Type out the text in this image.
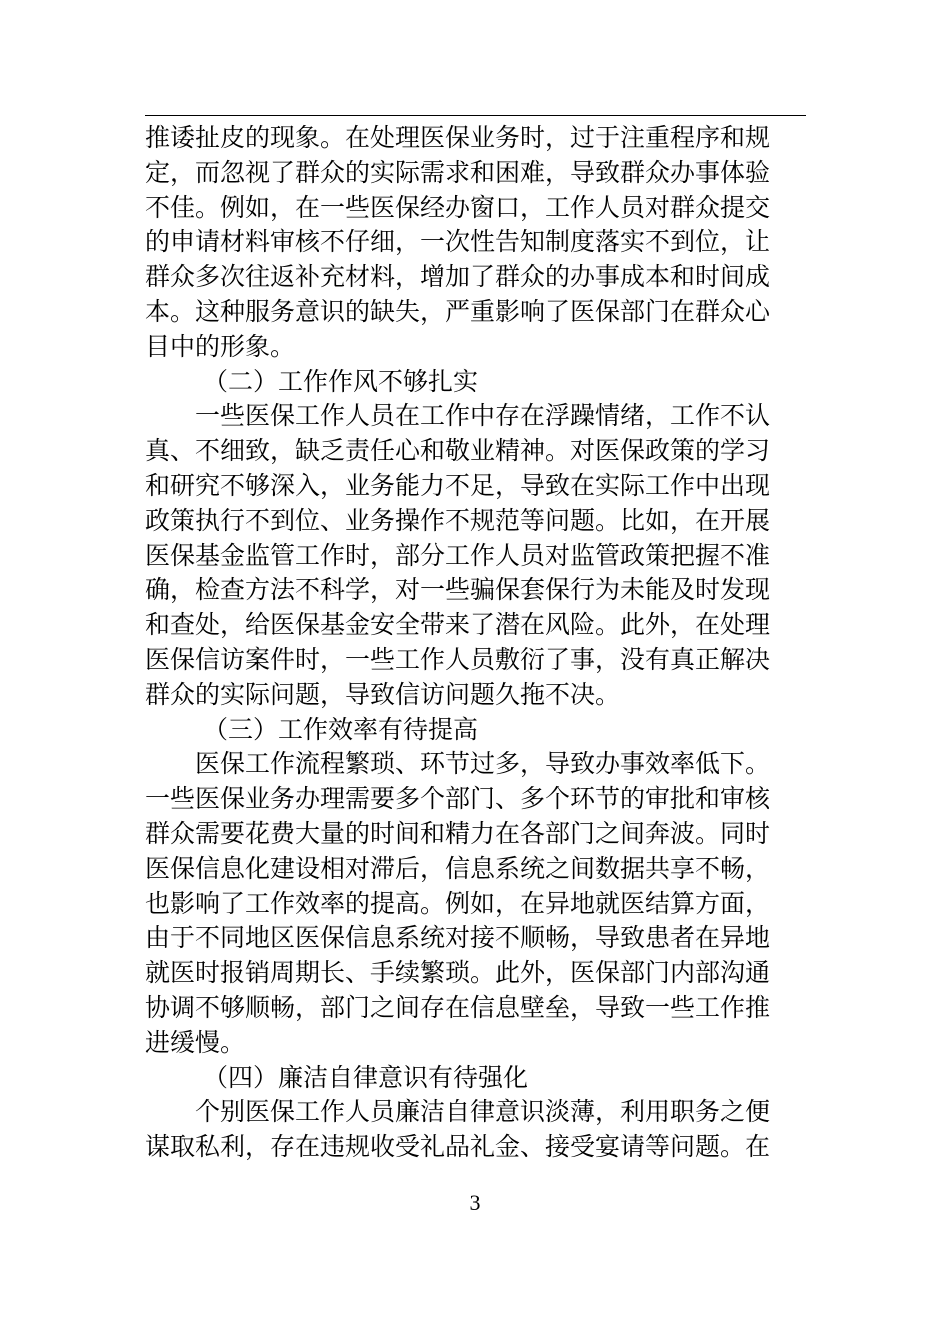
推诿扯皮的现象。在处理医保业务时，过于注重程序和规
定，而忽视了群众的实际需求和困难，导致群众办事体验
不佳。例如，在一些医保经办窗口，工作人员对群众提交
的申请材料审核不仔细，一次性告知制度落实不到位，让
群众多次往返补充材料，增加了群众的办事成本和时间成
本。这种服务意识的缺失，严重影响了医保部门在群众心
目中的形象。
（二）工作作风不够扎实
一些医保工作人员在工作中存在浮躁情绪，工作不认
真、不细致，缺乏责任心和敬业精神。对医保政策的学习
和研究不够深入，业务能力不足，导致在实际工作中出现
政策执行不到位、业务操作不规范等问题。比如，在开展
医保基金监管工作时，部分工作人员对监管政策把握不准
确，检查方法不科学，对一些骗保套保行为未能及时发现
和查处，给医保基金安全带来了潜在风险。此外，在处理
医保信访案件时，一些工作人员敷衍了事，没有真正解决
群众的实际问题，导致信访问题久拖不决。
（三）工作效率有待提高
医保工作流程繁琐、环节过多，导致办事效率低下。
一些医保业务办理需要多个部门、多个环节的审批和审核
群众需要花费大量的时间和精力在各部门之间奔波。同时
医保信息化建设相对滞后，信息系统之间数据共享不畅，
也影响了工作效率的提高。例如，在异地就医结算方面，
由于不同地区医保信息系统对接不顺畅，导致患者在异地
就医时报销周期长、手续繁琐。此外，医保部门内部沟通
协调不够顺畅，部门之间存在信息壁垒，导致一些工作推
进缓慢。
（四）廉洁自律意识有待强化
个别医保工作人员廉洁自律意识淡薄，利用职务之便
谋取私利，存在违规收受礼品礼金、接受宴请等问题。在
3
